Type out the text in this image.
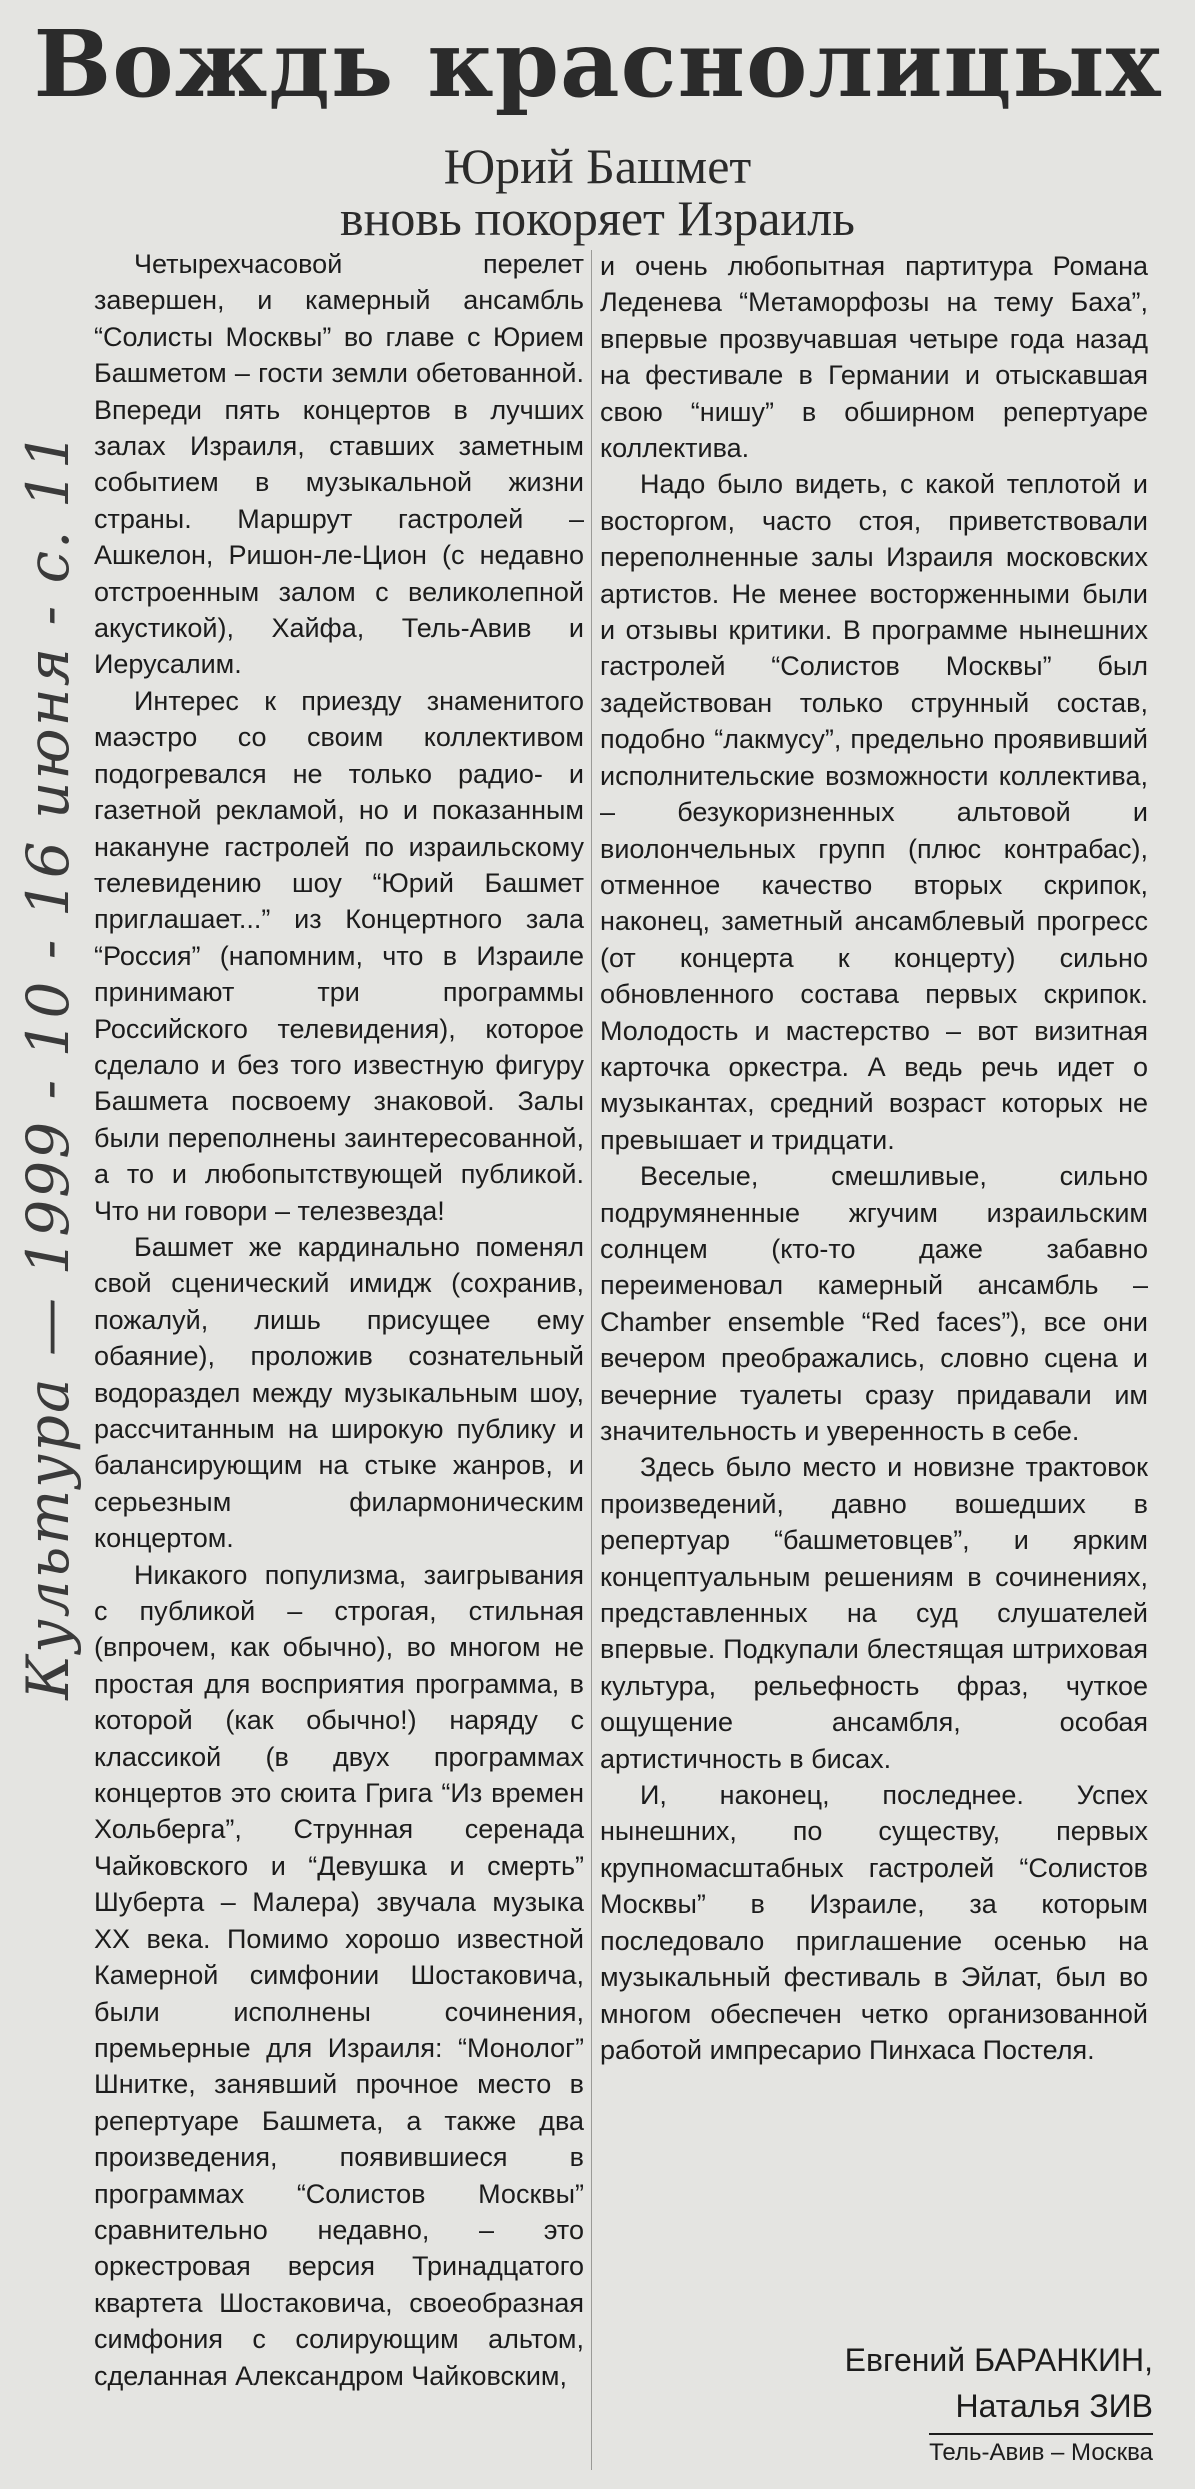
Вождь краснолицых
Юрий Башмет
вновь покоряет Израиль
Культура — 1999 - 10 - 16 июня - с. 11

Четырехчасовой перелет завершен, и камерный ансамбль “Солисты Москвы” во главе с Юрием Башметом – гости земли обетованной. Впереди пять концертов в лучших залах Израиля, ставших заметным событием в музыкальной жизни страны. Маршрут гастролей – Ашкелон, Ришон-ле-Цион (с недавно отстроенным залом с великолепной акустикой), Хайфа, Тель-Авив и Иерусалим.

Интерес к приезду знаменитого маэстро со своим коллективом подогревался не только радио- и газетной рекламой, но и показанным накануне гастролей по израильскому телевидению шоу “Юрий Башмет приглашает...” из Концертного зала “Россия” (напомним, что в Израиле принимают три программы Российского телевидения), которое сделало и без того известную фигуру Башмета посвоему знаковой. Залы были переполнены заинтересованной, а то и любопытствующей публикой. Что ни говори – телезвезда!

Башмет же кардинально поменял свой сценический имидж (сохранив, пожалуй, лишь присущее ему обаяние), проложив сознательный водораздел между музыкальным шоу, рассчитанным на широкую публику и балансирующим на стыке жанров, и серьезным филармоническим концертом.

Никакого популизма, заигрывания с публикой – строгая, стильная (впрочем, как обычно), во многом не простая для восприятия программа, в которой (как обычно!) наряду с классикой (в двух программах концертов это сюита Грига “Из времен Хольберга”, Струнная серенада Чайковского и “Девушка и смерть” Шуберта – Малера) звучала музыка XX века. Помимо хорошо известной Камерной симфонии Шостаковича, были исполнены сочинения, премьерные для Израиля: “Монолог” Шнитке, занявший прочное место в репертуаре Башмета, а также два произведения, появившиеся в программах “Солистов Москвы” сравнительно недавно, – это оркестровая версия Тринадцатого квартета Шостаковича, своеобразная симфония с солирующим альтом, сделанная Александром Чайковским,

и очень любопытная партитура Романа Леденева “Метаморфозы на тему Баха”, впервые прозвучавшая четыре года назад на фестивале в Германии и отыскавшая свою “нишу” в обширном репертуаре коллектива.

Надо было видеть, с какой теплотой и восторгом, часто стоя, приветствовали переполненные залы Израиля московских артистов. Не менее восторженными были и отзывы критики. В программе нынешних гастролей “Солистов Москвы” был задействован только струнный состав, подобно “лакмусу”, предельно проявивший исполнительские возможности коллектива, – безукоризненных альтовой и виолончельных групп (плюс контрабас), отменное качество вторых скрипок, наконец, заметный ансамблевый прогресс (от концерта к концерту) сильно обновленного состава первых скрипок. Молодость и мастерство – вот визитная карточка оркестра. А ведь речь идет о музыкантах, средний возраст которых не превышает и тридцати.

Веселые, смешливые, сильно подрумяненные жгучим израильским солнцем (кто-то даже забавно переименовал камерный ансамбль – Chamber ensemble “Red faces”), все они вечером преображались, словно сцена и вечерние туалеты сразу придавали им значительность и уверенность в себе.

Здесь было место и новизне трактовок произведений, давно вошедших в репертуар “башметовцев”, и ярким концептуальным решениям в сочинениях, представленных на суд слушателей впервые. Подкупали блестящая штриховая культура, рельефность фраз, чуткое ощущение ансамбля, особая артистичность в бисах.

И, наконец, последнее. Успех нынешних, по существу, первых крупномасштабных гастролей “Солистов Москвы” в Израиле, за которым последовало приглашение осенью на музыкальный фестиваль в Эйлат, был во многом обеспечен четко организованной работой импресарио Пинхаса Постеля.

Евгений БАРАНКИН,
Наталья ЗИВ
Тель-Авив – Москва
